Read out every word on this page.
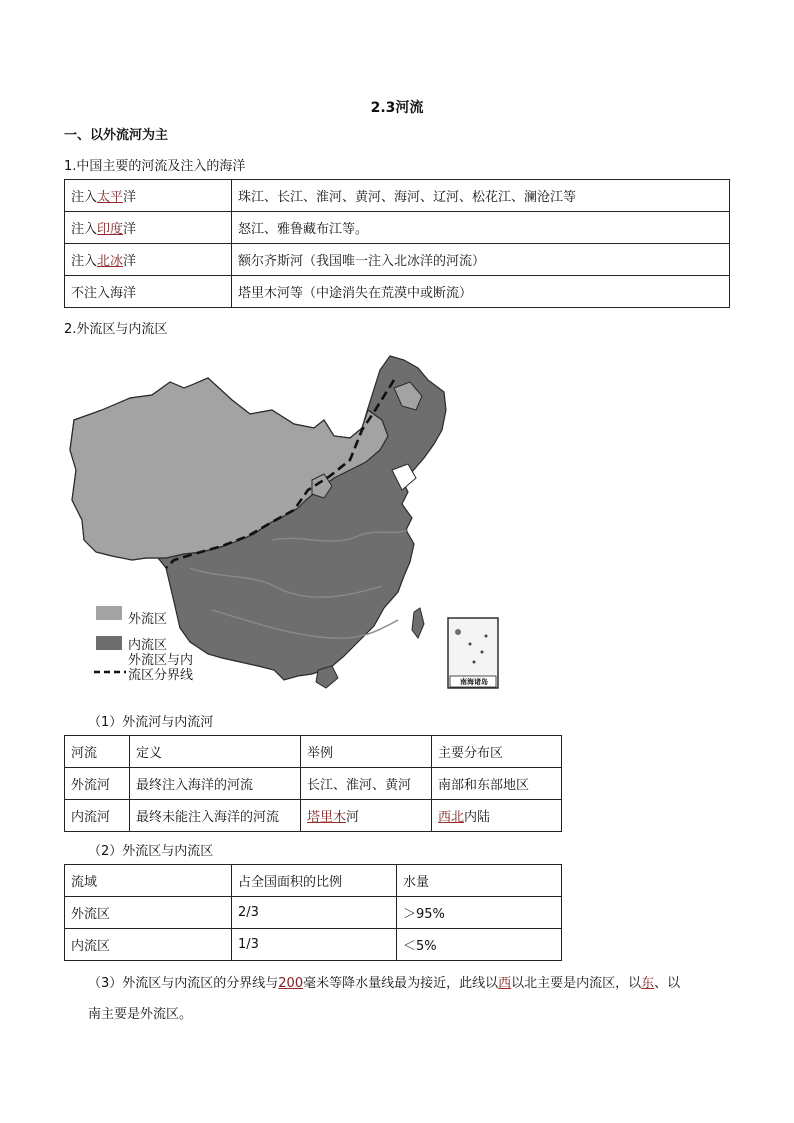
2.3河流
一、以外流河为主
1.中国主要的河流及注入的海洋
注入太平洋	珠江、长江、淮河、黄河、海河、辽河、松花江、澜沧江等
注入印度洋	怒江、雅鲁藏布江等。
注入北冰洋	额尔齐斯河（我国唯一注入北冰洋的河流）
不注入海洋	塔里木河等（中途消失在荒漠中或断流）
2.外流区与内流区
外流区
内流区
外流区与内
流区分界线	南海诸岛
（1）外流河与内流河
河流	定义	举例	主要分布区
外流河	最终注入海洋的河流	长江、淮河、黄河	南部和东部地区
内流河	最终未能注入海洋的河流	塔里木河	西北内陆
（2）外流区与内流区
流域	占全国面积的比例	水量
外流区	2/3	＞95%
内流区	1/3	＜5%
（3）外流区与内流区的分界线与200毫米等降水量线最为接近，此线以西以北主要是内流区，以东、以
南主要是外流区。
